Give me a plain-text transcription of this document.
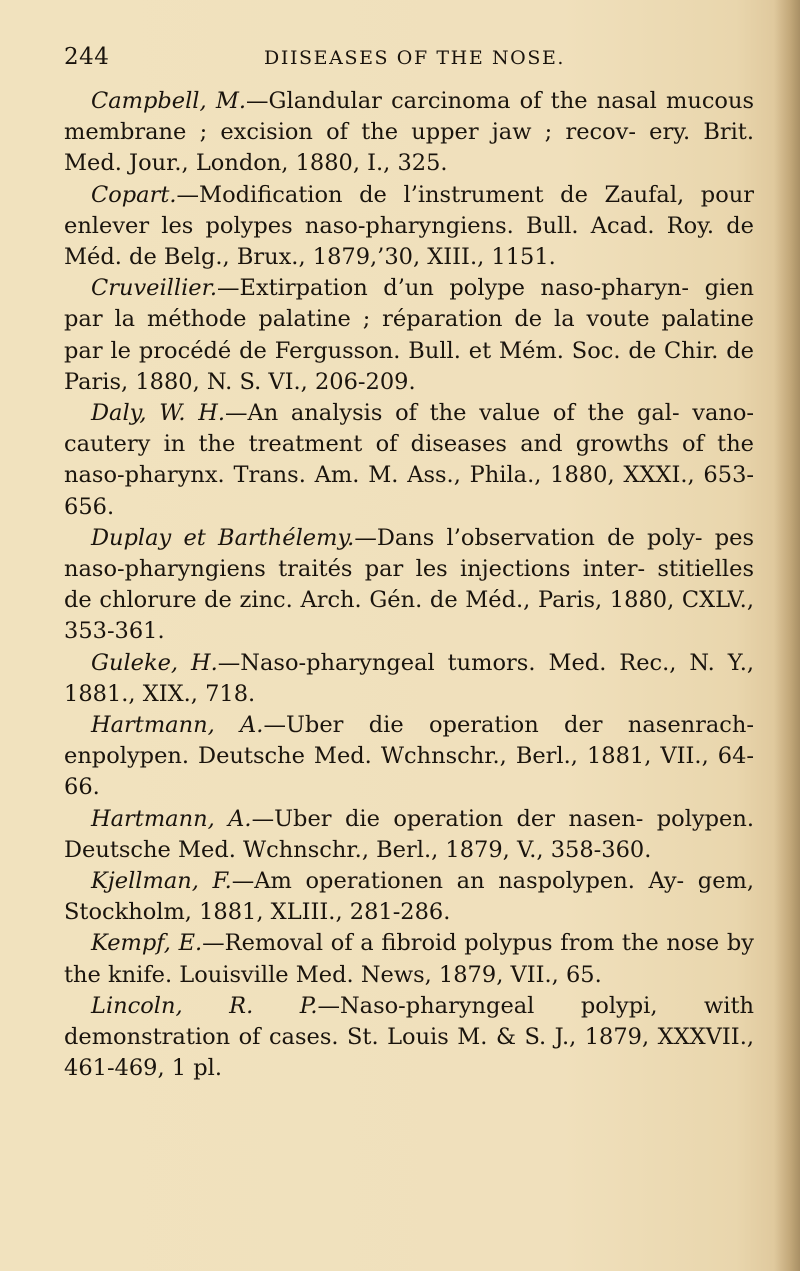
244	DIISEASES OF THE NOSE.
Campbell, M.—Glandular carcinoma of the nasal mucous membrane ; excision of the upper jaw ; recov- ery. Brit. Med. Jour., London, 1880, I., 325.
Copart.—Modification de l’instrument de Zaufal, pour enlever les polypes naso-pharyngiens. Bull. Acad. Roy. de Méd. de Belg., Brux., 1879,’30, XIII., 1151.
Cruveillier.—Extirpation d’un polype naso-pharyn- gien par la méthode palatine ; réparation de la voute palatine par le procédé de Fergusson. Bull. et Mém. Soc. de Chir. de Paris, 1880, N. S. VI., 206-209.
Daly, W. H.—An analysis of the value of the gal- vano-cautery in the treatment of diseases and growths of the naso-pharynx. Trans. Am. M. Ass., Phila., 1880, XXXI., 653-656.
Duplay et Barthélemy.—Dans l’observation de poly- pes naso-pharyngiens traités par les injections inter- stitielles de chlorure de zinc. Arch. Gén. de Méd., Paris, 1880, CXLV., 353-361.
Guleke, H.—Naso-pharyngeal tumors. Med. Rec., N. Y., 1881., XIX., 718.
Hartmann, A.—Uber die operation der nasenrach- enpolypen. Deutsche Med. Wchnschr., Berl., 1881, VII., 64-66.
Hartmann, A.—Uber die operation der nasen- polypen. Deutsche Med. Wchnschr., Berl., 1879, V., 358-360.
Kjellman, F.—Am operationen an naspolypen. Ay- gem, Stockholm, 1881, XLIII., 281-286.
Kempf, E.—Removal of a fibroid polypus from the nose by the knife. Louisville Med. News, 1879, VII., 65.
Lincoln, R. P.—Naso-pharyngeal polypi, with demonstration of cases. St. Louis M. & S. J., 1879, XXXVII., 461-469, 1 pl.
